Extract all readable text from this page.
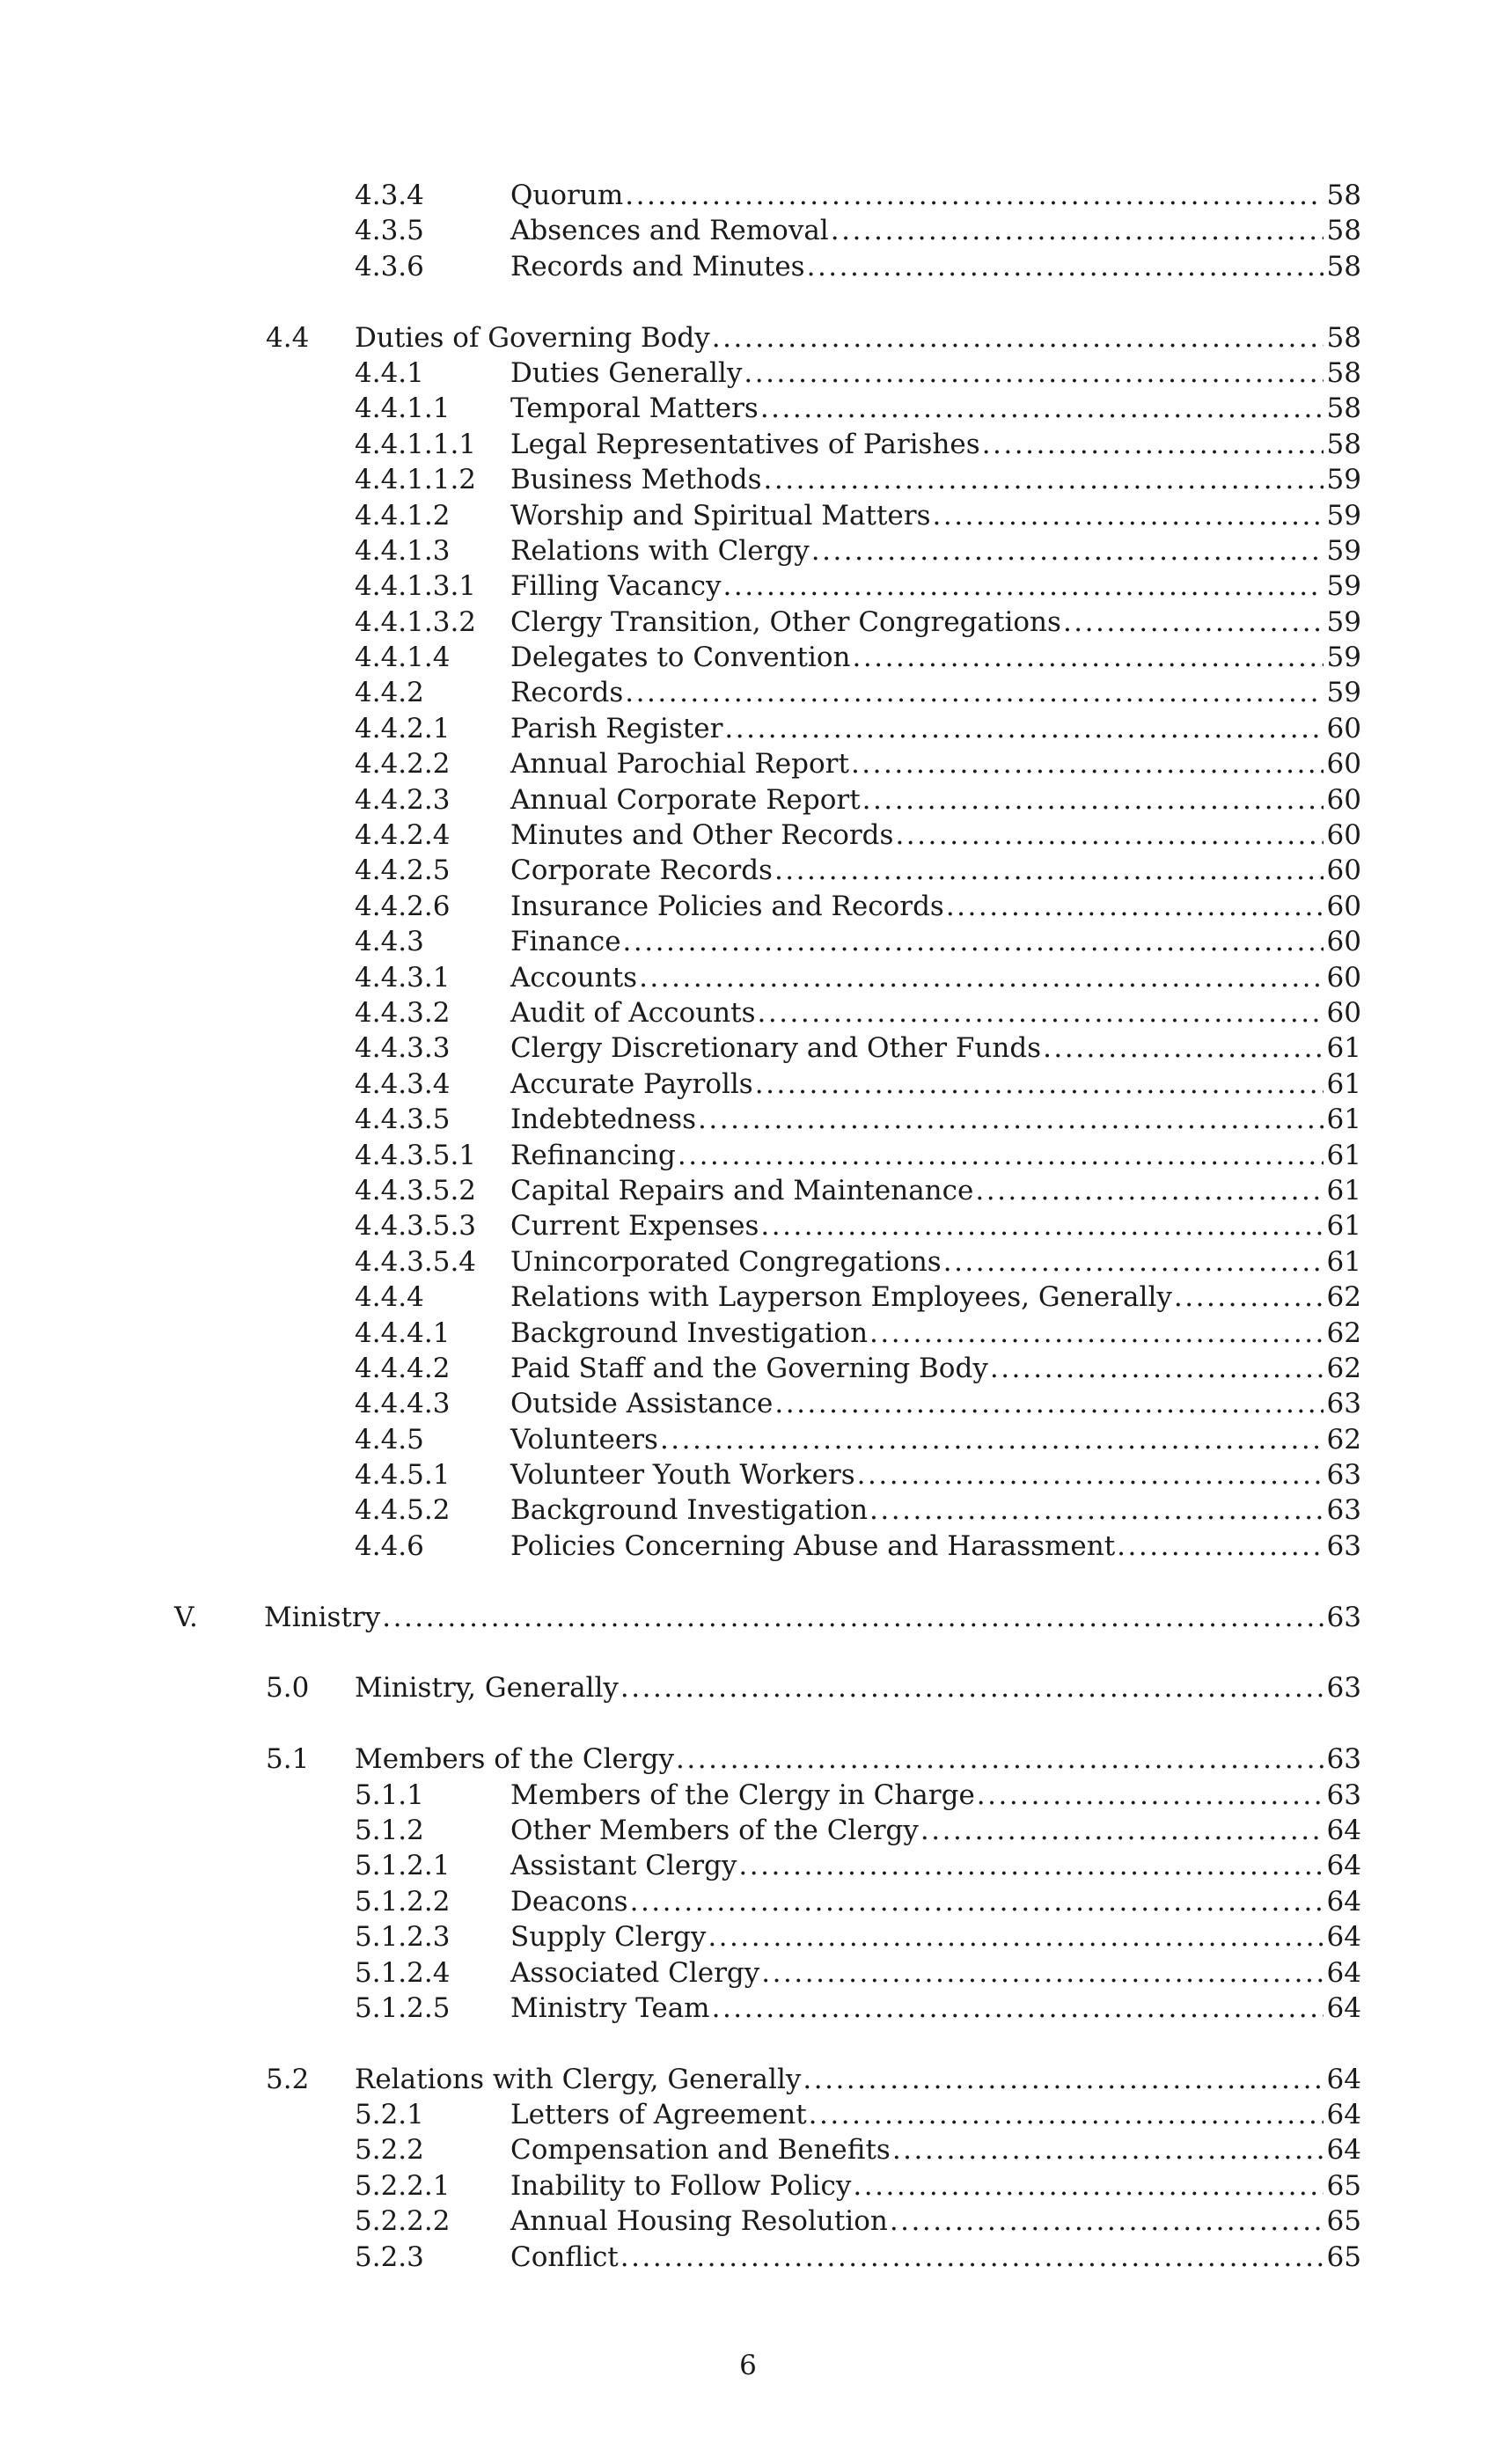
4.3.4	Quorum .....	58
4.3.5	Absences and Removal .....	58
4.3.6	Records and Minutes .....	58
4.4 Duties of Governing Body .....	58
4.4.1	Duties Generally .....	58
4.4.1.1 Temporal Matters .....	58
4.4.1.1.1 Legal Representatives of Parishes .....	58
4.4.1.1.2 Business Methods .....	59
4.4.1.2 Worship and Spiritual Matters .....	59
4.4.1.3 Relations with Clergy .....	59
4.4.1.3.1 Filling Vacancy .....	59
4.4.1.3.2 Clergy Transition, Other Congregations .....	59
4.4.1.4 Delegates to Convention .....	59
4.4.2	Records .....	59
4.4.2.1 Parish Register .....	60
4.4.2.2 Annual Parochial Report .....	60
4.4.2.3 Annual Corporate Report .....	60
4.4.2.4 Minutes and Other Records .....	60
4.4.2.5 Corporate Records .....	60
4.4.2.6 Insurance Policies and Records .....	60
4.4.3	Finance .....	60
4.4.3.1 Accounts .....	60
4.4.3.2 Audit of Accounts .....	60
4.4.3.3 Clergy Discretionary and Other Funds .....	61
4.4.3.4 Accurate Payrolls .....	61
4.4.3.5 Indebtedness .....	61
4.4.3.5.1 Refinancing .....	61
4.4.3.5.2 Capital Repairs and Maintenance .....	61
4.4.3.5.3 Current Expenses .....	61
4.4.3.5.4 Unincorporated Congregations .....	61
4.4.4	Relations with Layperson Employees, Generally .....	62
4.4.4.1 Background Investigation .....	62
4.4.4.2 Paid Staff and the Governing Body .....	62
4.4.4.3 Outside Assistance .....	63
4.4.5	Volunteers .....	62
4.4.5.1 Volunteer Youth Workers .....	63
4.4.5.2 Background Investigation .....	63
4.4.6	Policies Concerning Abuse and Harassment .....	63
V. Ministry .....	63
5.0 Ministry, Generally .....	63
5.1 Members of the Clergy .....	63
5.1.1	Members of the Clergy in Charge .....	63
5.1.2	Other Members of the Clergy .....	64
5.1.2.1 Assistant Clergy .....	64
5.1.2.2 Deacons .....	64
5.1.2.3 Supply Clergy .....	64
5.1.2.4 Associated Clergy .....	64
5.1.2.5 Ministry Team .....	64
5.2 Relations with Clergy, Generally .....	64
5.2.1	Letters of Agreement .....	64
5.2.2	Compensation and Benefits .....	64
5.2.2.1 Inability to Follow Policy .....	65
5.2.2.2 Annual Housing Resolution .....	65
5.2.3	Conflict .....	65
6
